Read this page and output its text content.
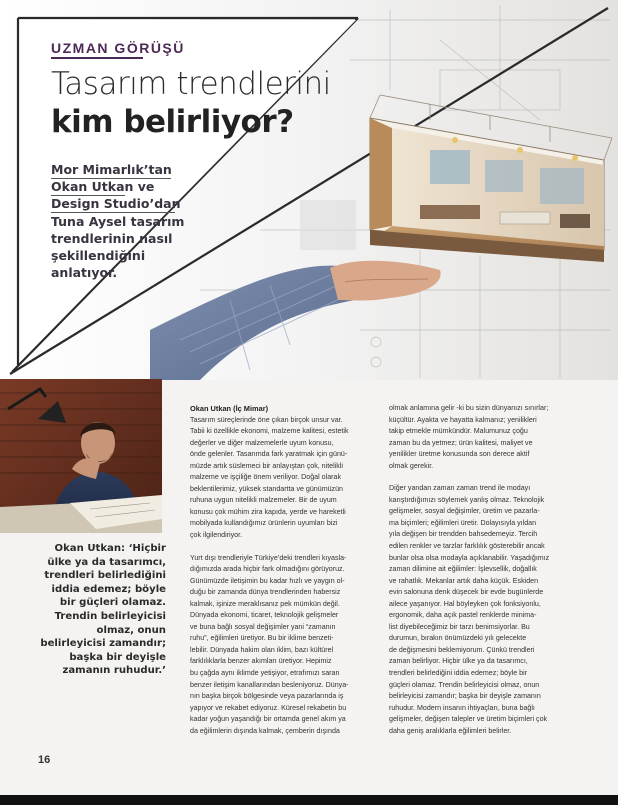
UZMAN GÖRÜŞÜ
Tasarım trendlerini
kim belirliyor?
Mor Mimarlık’tan
Okan Utkan ve
Design Studio’dan
Tuna Aysel tasarım
trendlerinin nasıl
şekillendiğini
anlatıyor.
Okan Utkan: ‘Hiçbir
ülke ya da tasarımcı,
trendleri belirlediğini
iddia edemez; böyle
bir güçleri olamaz.
Trendin belirleyicisi
olmaz, onun
belirleyicisi zamandır;
başka bir deyişle
zamanın ruhudur.’
16
Okan Utkan (İç Mimar)

Tasarım süreçlerinde öne çıkan birçok unsur var.
Tabii ki özellikle ekonomi, malzeme kalitesi, estetik
değerler ve diğer malzemelerle uyum konusu,
önde gelenler. Tasarımda fark yaratmak için günü-
müzde artık süslemeci bir anlayıştan çok, nitelikli
malzeme ve işçiliğe önem veriliyor. Doğal olarak
beklentilerimiz, yüksek standartta ve günümüzün
ruhuna uygun nitelikli malzemeler. Bir de uyum
konusu çok mühim zira kapıda, yerde ve hareketli
mobilyada kullandığımız ürünlerin uyumları bizi
çok ilgilendiriyor.

Yurt dışı trendleriyle Türkiye’deki trendleri kıyasla-
dığımızda arada hiçbir fark olmadığını görüyoruz.
Günümüzde iletişimin bu kadar hızlı ve yaygın ol-
duğu bir zamanda dünya trendlerinden habersiz
kalmak, işinize meraklısanız pek mümkün değil.
Dünyada ekonomi, ticaret, teknolojik gelişmeler
ve buna bağlı sosyal değişimler yani “zamanın
ruhu”, eğilimleri üretiyor. Bu bir iklime benzeti-
lebilir. Dünyada hakim olan iklim, bazı kültürel
farklılıklarla benzer akımları üretiyor. Hepimiz
bu çağda aynı iklimde yetişiyor, etrafımızı saran
benzer iletişim kanallarından besleniyoruz. Dünya-
nın başka birçok bölgesinde veya pazarlarında iş
yapıyor ve rekabet ediyoruz. Küresel rekabetin bu
kadar yoğun yaşandığı bir ortamda genel akım ya
da eğilimlerin dışında kalmak, çemberin dışında

olmak anlamına gelir -ki bu sizin dünyanızı sınırlar;
küçültür. Ayakta ve hayatta kalmanız; yenilikleri
takip etmekle mümkündür. Malumunuz çoğu
zaman bu da yetmez; ürün kalitesi, maliyet ve
yenilikler üretme konusunda son derece aktif
olmak gerekir.

Diğer yandan zaman zaman trend ile modayı
karıştırdığımızı söylemek yanlış olmaz. Teknolojik
gelişmeler, sosyal değişimler, üretim ve pazarla-
ma biçimleri; eğilimleri üretir. Dolayısıyla yıldan
yıla değişen bir trendden bahsedemeyiz. Tercih
edilen renkler ve tarzlar farklılık gösterebilir ancak
bunlar olsa olsa modayla açıklanabilir. Yaşadığımız
zaman dilimine ait eğilimler: İşlevsellik, doğallık
ve rahatlık. Mekanlar artık daha küçük. Eskiden
evin salonuna denk düşecek bir evde bugünlerde
ailece yaşanıyor. Hal böyleyken çok fonksiyonlu,
ergonomik, daha açık pastel renklerde minima-
list diyebileceğimiz bir tarzı benimsiyorlar. Bu
durumun, bırakın önümüzdeki yılı gelecekte
de değişmesini beklemiyorum. Çünkü trendleri
zaman belirliyor. Hiçbir ülke ya da tasarımcı,
trendleri belirlediğini iddia edemez; böyle bir
güçleri olamaz. Trendin belirleyicisi olmaz, onun
belirleyicisi zamandır; başka bir deyişle zamanın
ruhudur. Modern insanın ihtiyaçları, buna bağlı
gelişmeler, değişen talepler ve üretim biçimleri çok
daha geniş aralıklarla eğilimleri belirler.
